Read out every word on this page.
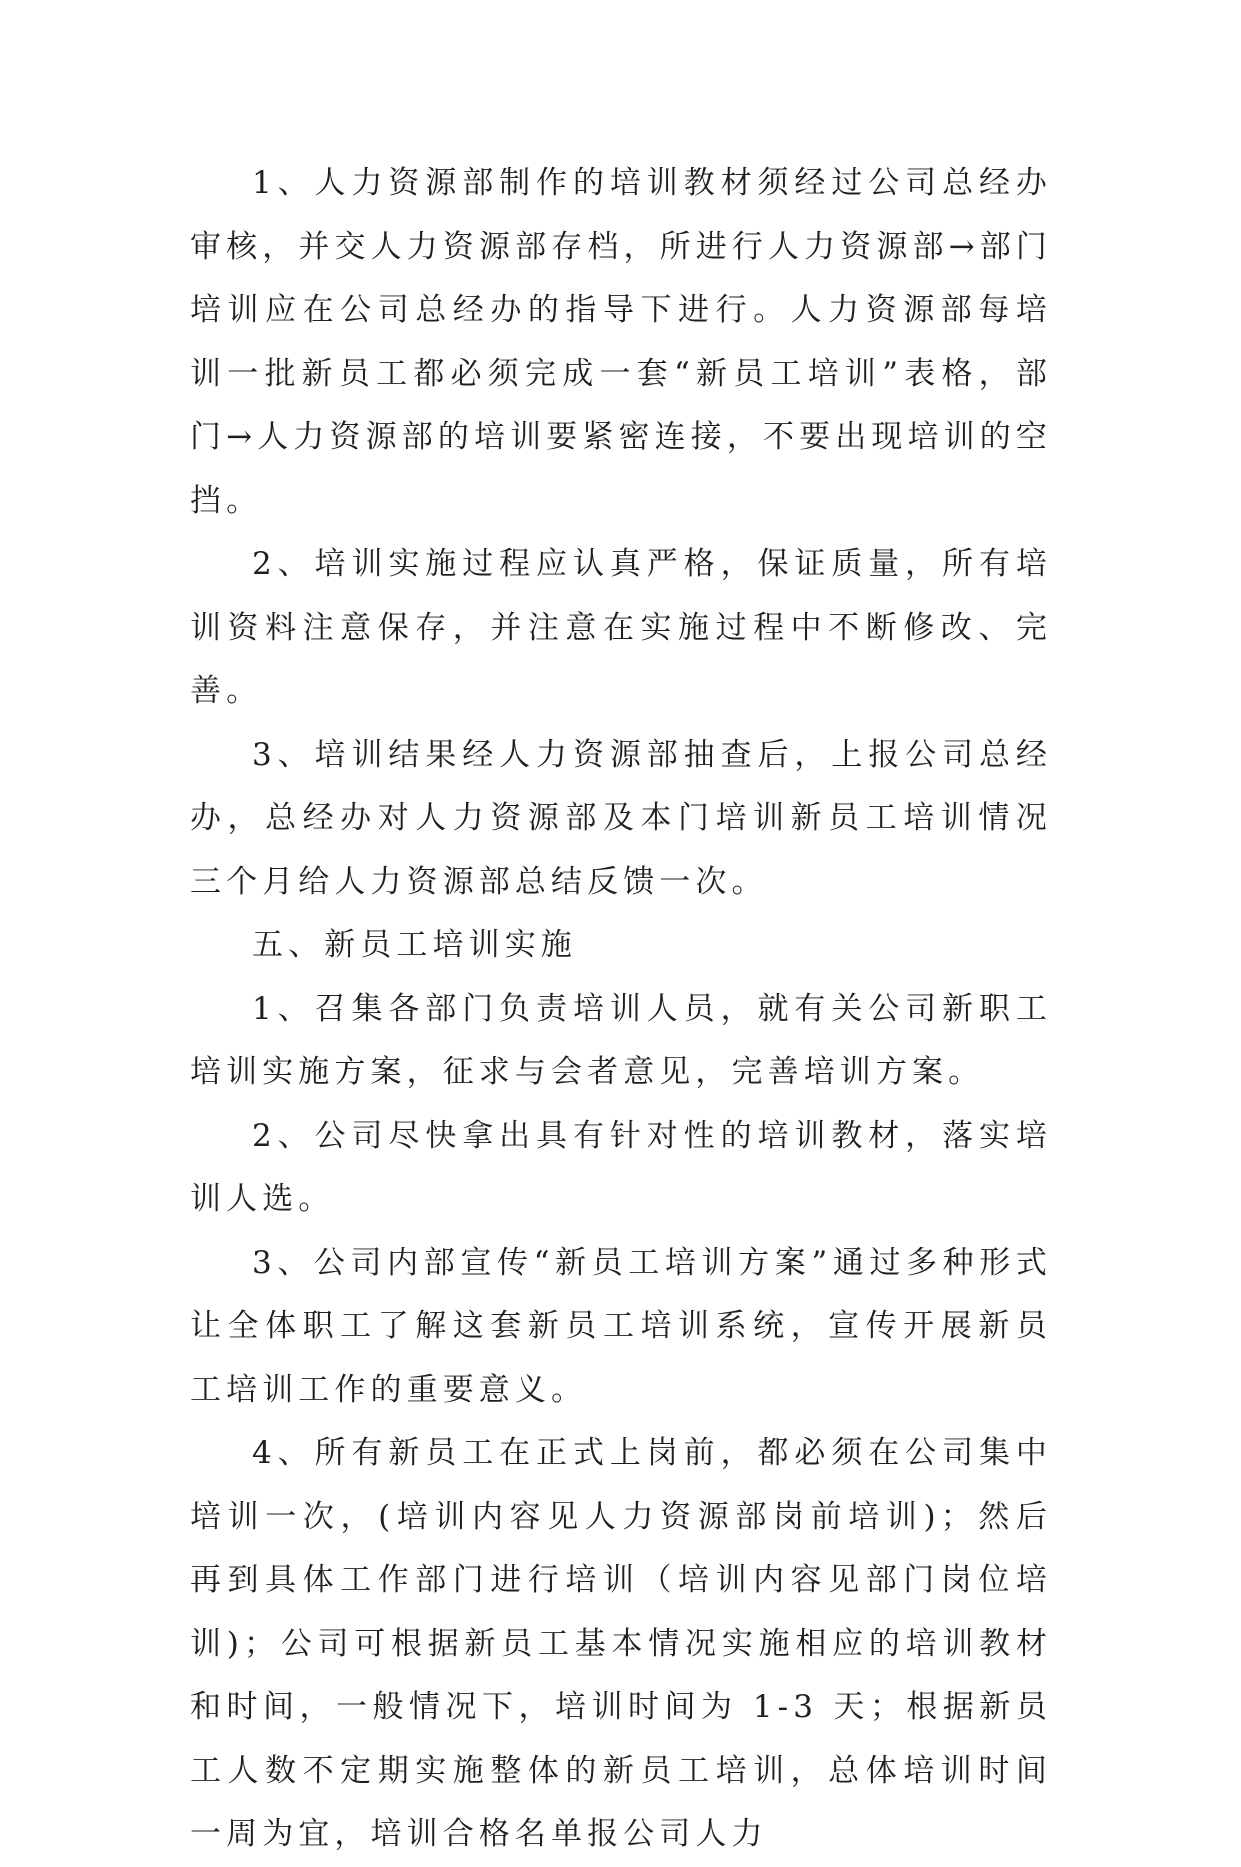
1、人力资源部制作的培训教材须经过公司总经办审核，并交人力资源部存档，所进行人力资源部→部门培训应在公司总经办的指导下进行。人力资源部每培训一批新员工都必须完成一套“新员工培训”表格，部门→人力资源部的培训要紧密连接，不要出现培训的空挡。

2、培训实施过程应认真严格，保证质量，所有培训资料注意保存，并注意在实施过程中不断修改、完善。

3、培训结果经人力资源部抽查后，上报公司总经办，总经办对人力资源部及本门培训新员工培训情况三个月给人力资源部总结反馈一次。

五、新员工培训实施

1、召集各部门负责培训人员，就有关公司新职工培训实施方案，征求与会者意见，完善培训方案。

2、公司尽快拿出具有针对性的培训教材，落实培训人选。

3、公司内部宣传“新员工培训方案”通过多种形式让全体职工了解这套新员工培训系统，宣传开展新员工培训工作的重要意义。

4、所有新员工在正式上岗前，都必须在公司集中培训一次，(培训内容见人力资源部岗前培训)；然后再到具体工作部门进行培训（培训内容见部门岗位培训)；公司可根据新员工基本情况实施相应的培训教材和时间，一般情况下，培训时间为 1-3 天；根据新员工人数不定期实施整体的新员工培训，总体培训时间一周为宜，培训合格名单报公司人力
